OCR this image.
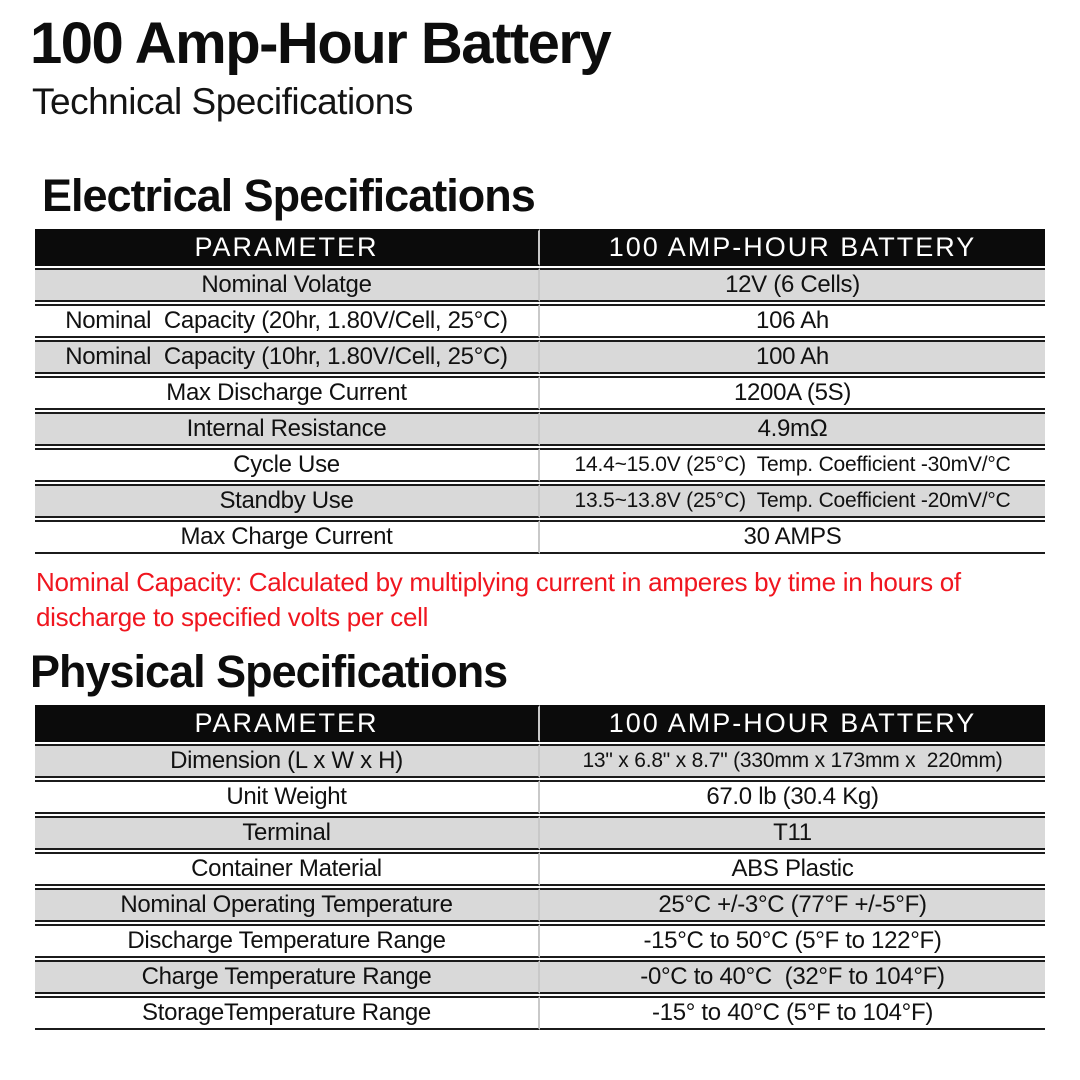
100 Amp-Hour Battery
Technical Specifications
Electrical Specifications
PARAMETER	100 AMP-HOUR BATTERY
Nominal Volatge	12V (6 Cells)
Nominal  Capacity (20hr, 1.80V/Cell, 25°C)	106 Ah
Nominal  Capacity (10hr, 1.80V/Cell, 25°C)	100 Ah
Max Discharge Current	1200A (5S)
Internal Resistance	4.9mΩ
Cycle Use	14.4~15.0V (25°C)  Temp. Coefficient -30mV/°C
Standby Use	13.5~13.8V (25°C)  Temp. Coefficient -20mV/°C
Max Charge Current	30 AMPS

Nominal Capacity: Calculated by multiplying current in amperes by time in hours of discharge to specified volts per cell

Physical Specifications
PARAMETER	100 AMP-HOUR BATTERY
Dimension (L x W x H)	13" x 6.8" x 8.7" (330mm x 173mm x  220mm)
Unit Weight	67.0 lb (30.4 Kg)
Terminal	T11
Container Material	ABS Plastic
Nominal Operating Temperature	25°C +/-3°C (77°F +/-5°F)
Discharge Temperature Range	-15°C to 50°C (5°F to 122°F)
Charge Temperature Range	-0°C to 40°C  (32°F to 104°F)
StorageTemperature Range	-15° to 40°C (5°F to 104°F)
